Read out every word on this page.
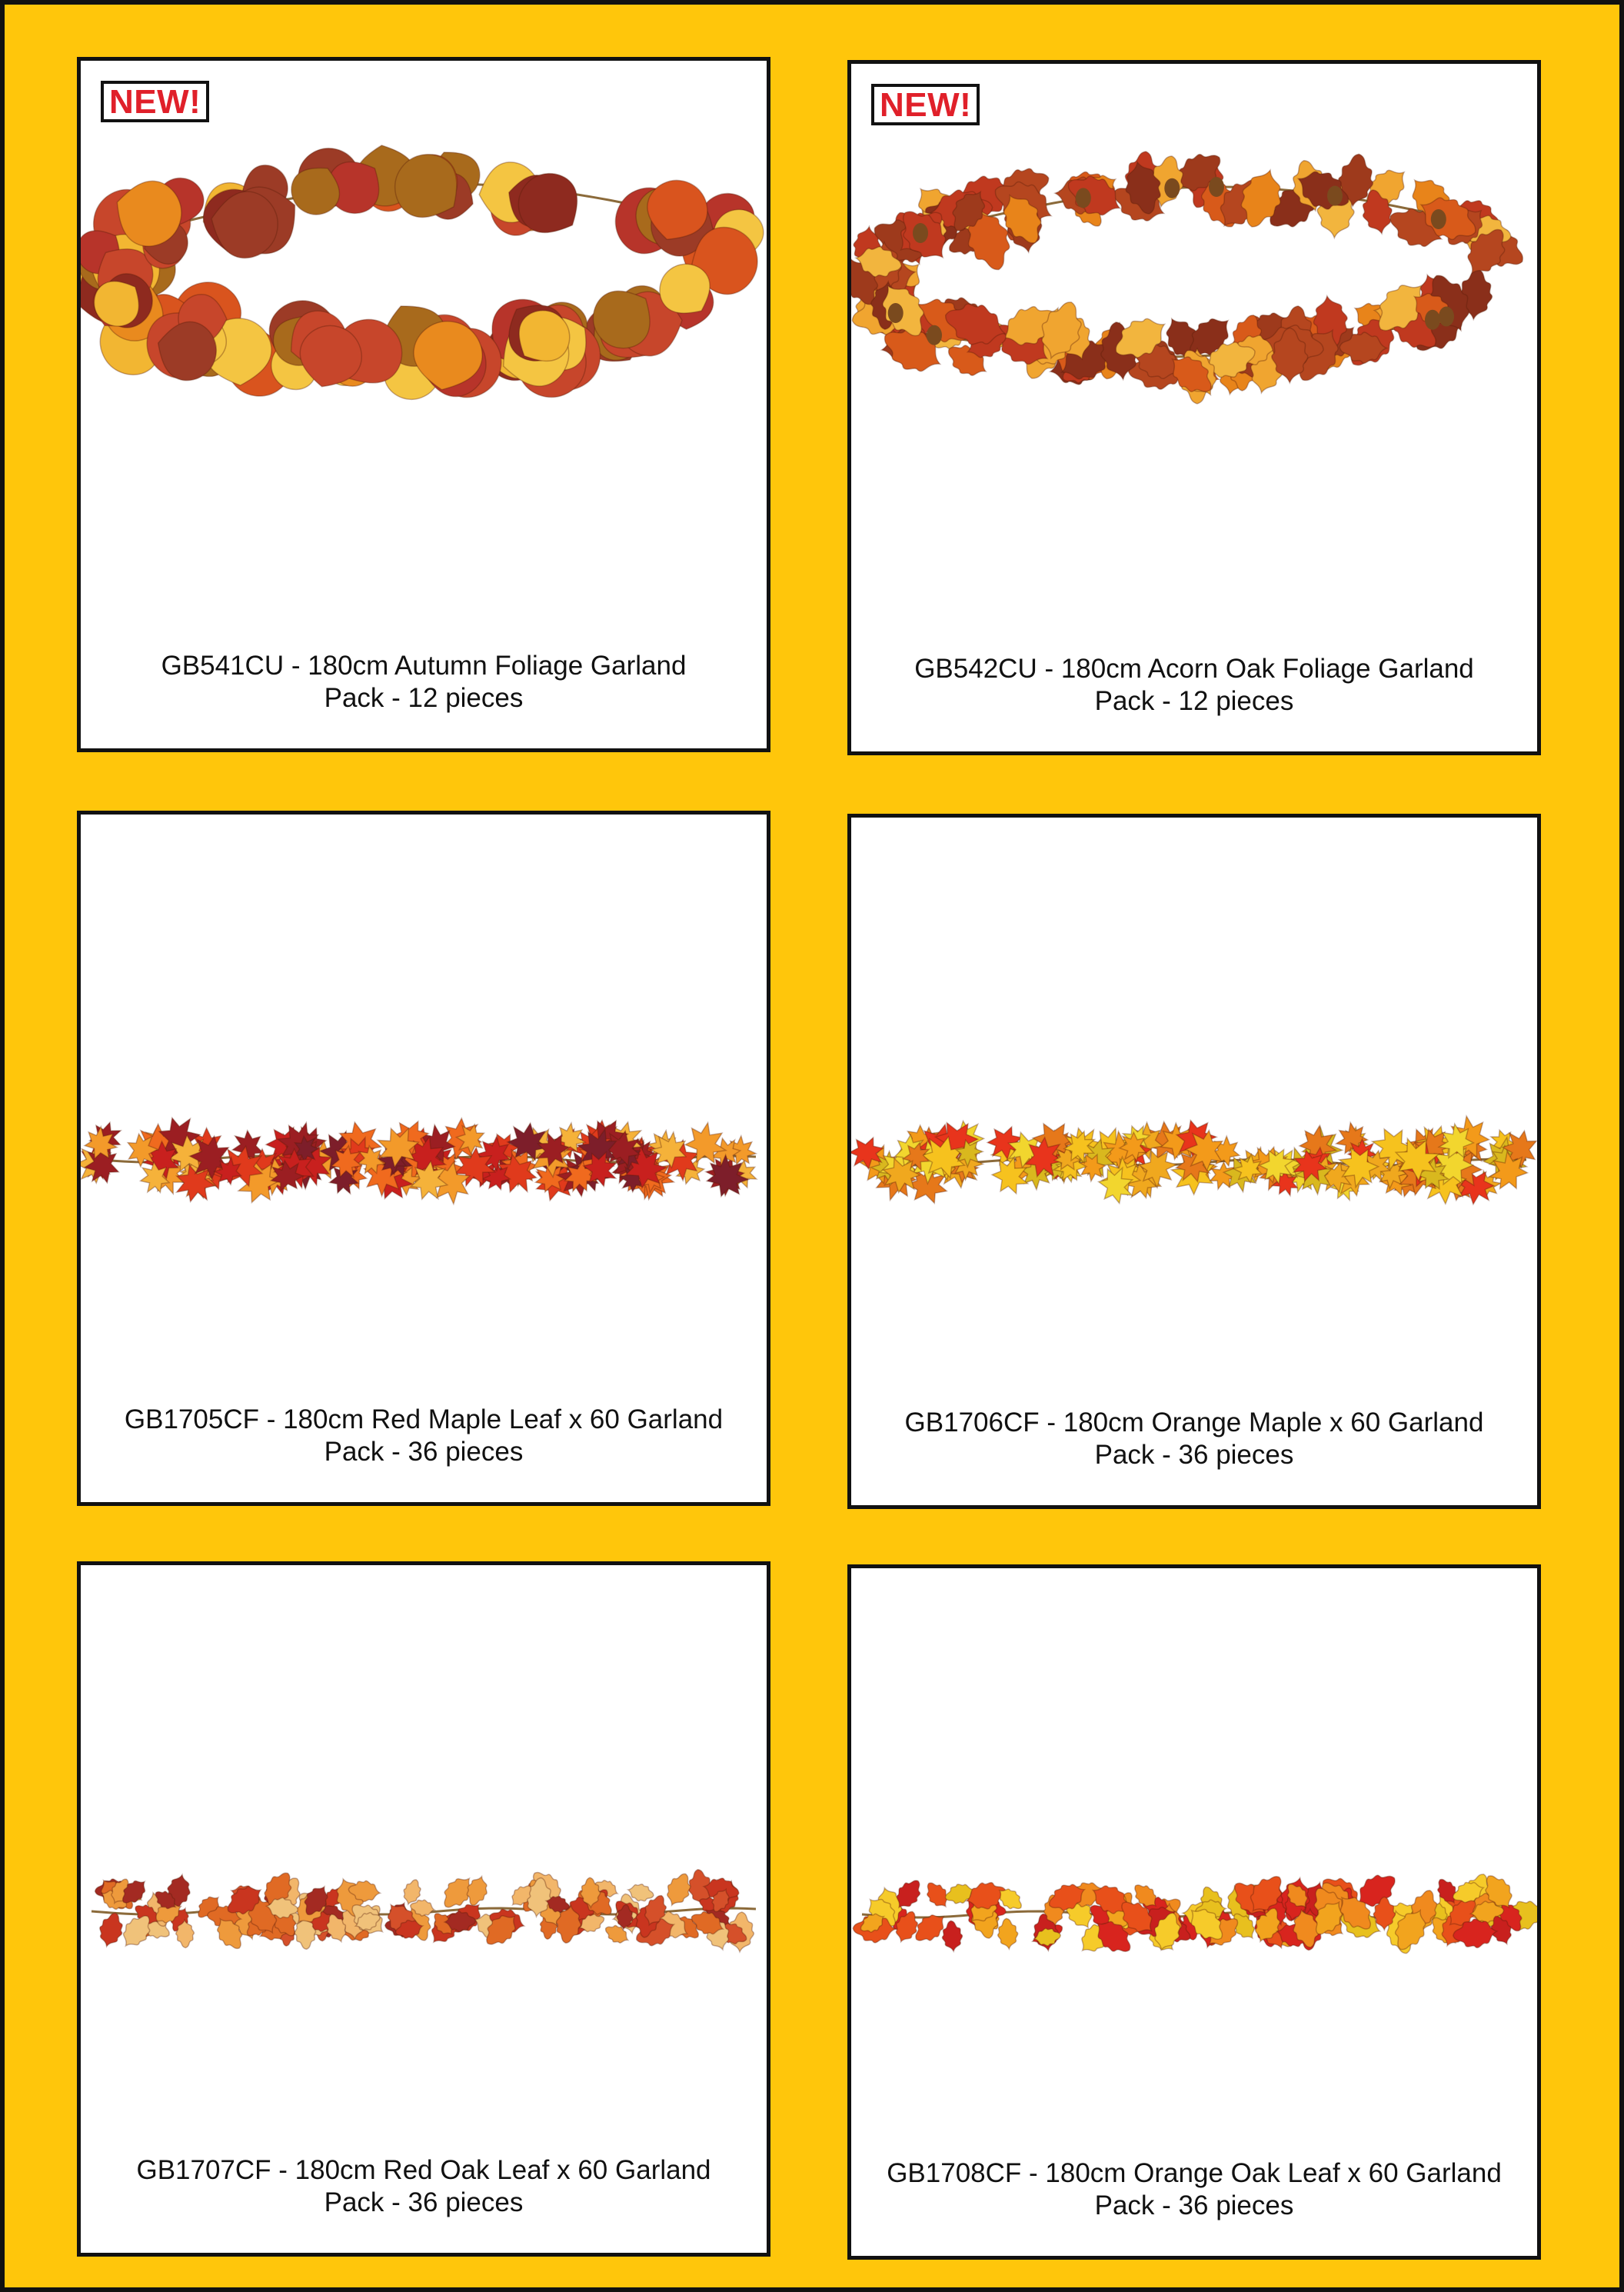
NEW!
GB541CU - 180cm Autumn Foliage Garland
Pack - 12 pieces
NEW!
GB542CU - 180cm Acorn Oak Foliage Garland
Pack - 12 pieces
GB1705CF - 180cm Red Maple Leaf x 60 Garland
Pack - 36 pieces
GB1706CF - 180cm Orange Maple x 60 Garland
Pack - 36 pieces
GB1707CF - 180cm Red Oak Leaf x 60 Garland
Pack - 36 pieces
GB1708CF - 180cm Orange Oak Leaf x 60 Garland
Pack - 36 pieces
